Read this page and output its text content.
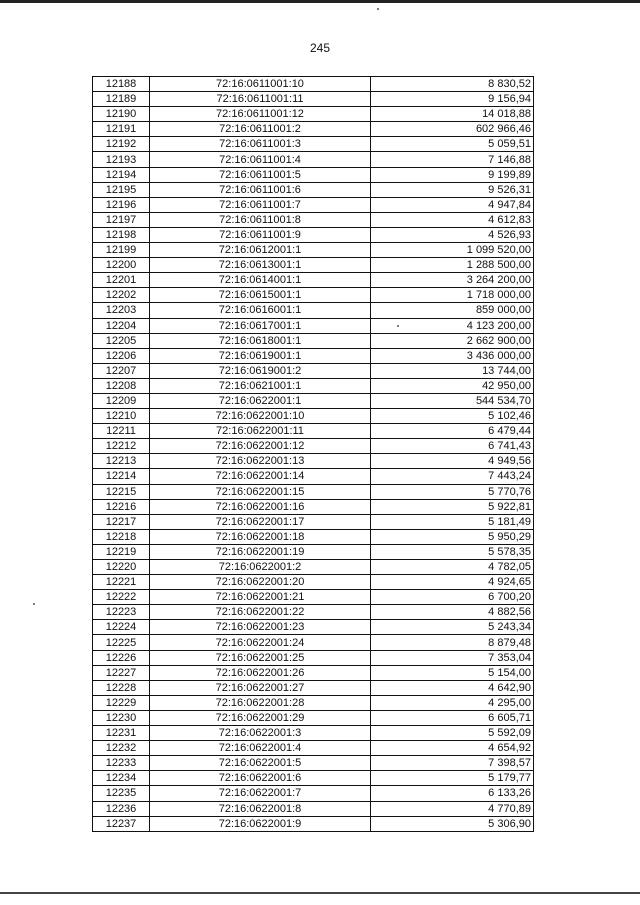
245
12188	72:16:0611001:10	8 830,52
12189	72:16:0611001:11	9 156,94
12190	72:16:0611001:12	14 018,88
12191	72:16:0611001:2	602 966,46
12192	72:16:0611001:3	5 059,51
12193	72:16:0611001:4	7 146,88
12194	72:16:0611001:5	9 199,89
12195	72:16:0611001:6	9 526,31
12196	72:16:0611001:7	4 947,84
12197	72:16:0611001:8	4 612,83
12198	72:16:0611001:9	4 526,93
12199	72:16:0612001:1	1 099 520,00
12200	72:16:0613001:1	1 288 500,00
12201	72:16:0614001:1	3 264 200,00
12202	72:16:0615001:1	1 718 000,00
12203	72:16:0616001:1	859 000,00
12204	72:16:0617001:1	4 123 200,00
12205	72:16:0618001:1	2 662 900,00
12206	72:16:0619001:1	3 436 000,00
12207	72:16:0619001:2	13 744,00
12208	72:16:0621001:1	42 950,00
12209	72:16:0622001:1	544 534,70
12210	72:16:0622001:10	5 102,46
12211	72:16:0622001:11	6 479,44
12212	72:16:0622001:12	6 741,43
12213	72:16:0622001:13	4 949,56
12214	72:16:0622001:14	7 443,24
12215	72:16:0622001:15	5 770,76
12216	72:16:0622001:16	5 922,81
12217	72:16:0622001:17	5 181,49
12218	72:16:0622001:18	5 950,29
12219	72:16:0622001:19	5 578,35
12220	72:16:0622001:2	4 782,05
12221	72:16:0622001:20	4 924,65
12222	72:16:0622001:21	6 700,20
12223	72:16:0622001:22	4 882,56
12224	72:16:0622001:23	5 243,34
12225	72:16:0622001:24	8 879,48
12226	72:16:0622001:25	7 353,04
12227	72:16:0622001:26	5 154,00
12228	72:16:0622001:27	4 642,90
12229	72:16:0622001:28	4 295,00
12230	72:16:0622001:29	6 605,71
12231	72:16:0622001:3	5 592,09
12232	72:16:0622001:4	4 654,92
12233	72:16:0622001:5	7 398,57
12234	72:16:0622001:6	5 179,77
12235	72:16:0622001:7	6 133,26
12236	72:16:0622001:8	4 770,89
12237	72:16:0622001:9	5 306,90
